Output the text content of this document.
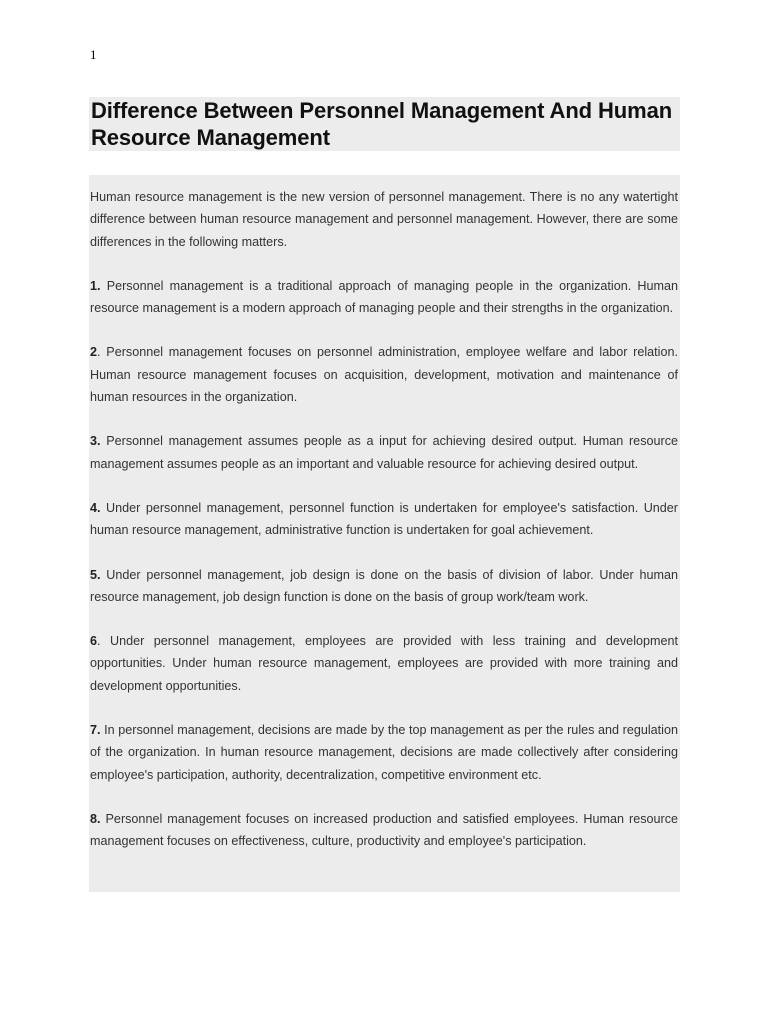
1
Difference Between Personnel Management And Human Resource Management

Human resource management is the new version of personnel management. There is no any watertight difference between human resource management and personnel management. However, there are some differences in the following matters.

1. Personnel management is a traditional approach of managing people in the organization. Human resource management is a modern approach of managing people and their strengths in the organization.

2. Personnel management focuses on personnel administration, employee welfare and labor relation. Human resource management focuses on acquisition, development, motivation and maintenance of human resources in the organization.

3. Personnel management assumes people as a input for achieving desired output. Human resource management assumes people as an important and valuable resource for achieving desired output.

4. Under personnel management, personnel function is undertaken for employee's satisfaction. Under human resource management, administrative function is undertaken for goal achievement.

5. Under personnel management, job design is done on the basis of division of labor. Under human resource management, job design function is done on the basis of group work/team work.

6. Under personnel management, employees are provided with less training and development opportunities. Under human resource management, employees are provided with more training and development opportunities.

7. In personnel management, decisions are made by the top management as per the rules and regulation of the organization. In human resource management, decisions are made collectively after considering employee's participation, authority, decentralization, competitive environment etc.

8. Personnel management focuses on increased production and satisfied employees. Human resource management focuses on effectiveness, culture, productivity and employee's participation.
